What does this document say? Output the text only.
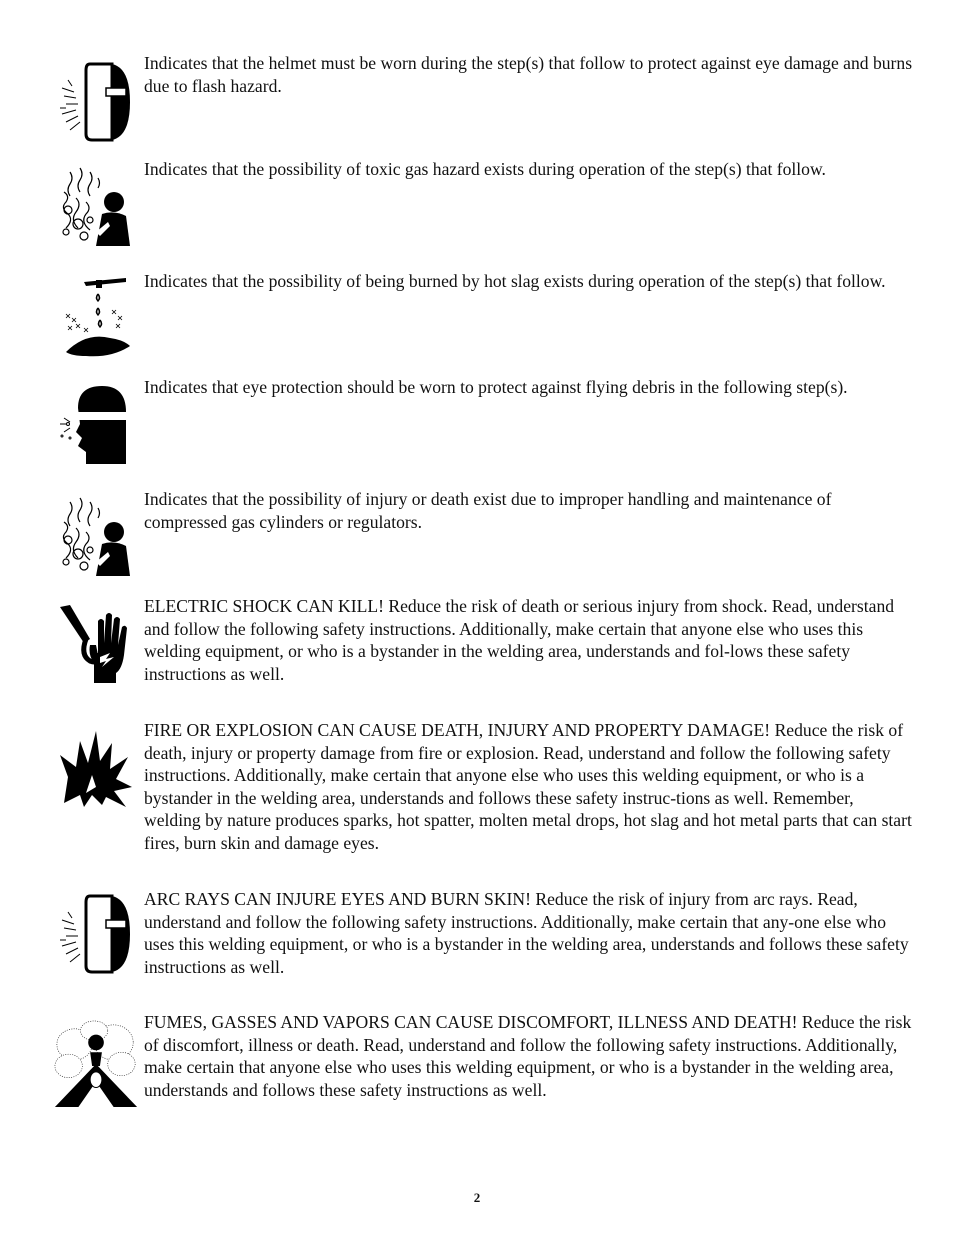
Indicates that the helmet must be worn during the step(s) that follow to protect against eye damage and burns due to flash hazard.

Indicates that the possibility of toxic gas hazard exists during operation of the step(s) that follow.

Indicates that the possibility of being burned by hot slag exists during operation of the step(s) that follow.

Indicates that eye protection should be worn to protect against flying debris in the following step(s).

Indicates that the possibility of injury or death exist due to improper handling and maintenance of compressed gas cylinders or regulators.

ELECTRIC SHOCK CAN KILL! Reduce the risk of death or serious injury from shock. Read, understand and follow the following safety instructions. Additionally, make certain that anyone else who uses this welding equipment, or who is a bystander in the welding area, understands and fol-lows these safety instructions as well.

FIRE OR EXPLOSION CAN CAUSE DEATH, INJURY AND PROPERTY DAMAGE! Reduce the risk of death, injury or property damage from fire or explosion. Read, understand and follow the following safety instructions. Additionally, make certain that anyone else who uses this welding equipment, or who is a bystander in the welding area, understands and follows these safety instruc-tions as well. Remember, welding by nature produces sparks, hot spatter, molten metal drops, hot slag and hot metal parts that can start fires, burn skin and damage eyes.

ARC RAYS CAN INJURE EYES AND BURN SKIN! Reduce the risk of injury from arc rays. Read, understand and follow the following safety instructions. Additionally, make certain that any-one else who uses this welding equipment, or who is a bystander in the welding area, understands and follows these safety instructions as well.

FUMES, GASSES AND VAPORS CAN CAUSE DISCOMFORT, ILLNESS AND DEATH! Reduce the risk of discomfort, illness or death. Read, understand and follow the following safety instructions. Additionally, make certain that anyone else who uses this welding equipment, or who is a bystander in the welding area, understands and follows these safety instructions as well.

2
